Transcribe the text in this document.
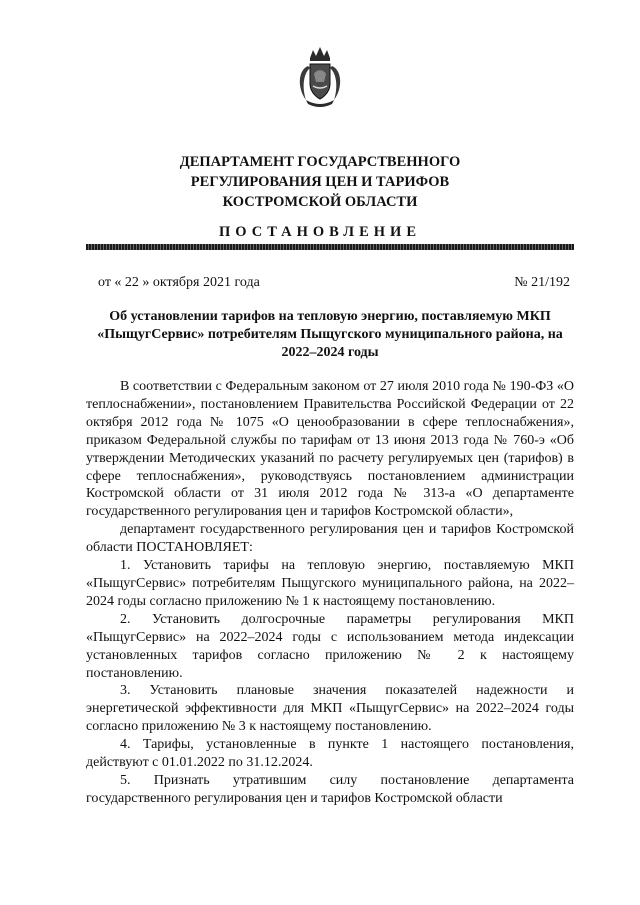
ДЕПАРТАМЕНТ ГОСУДАРСТВЕННОГО
РЕГУЛИРОВАНИЯ ЦЕН И ТАРИФОВ
КОСТРОМСКОЙ ОБЛАСТИ
ПОСТАНОВЛЕНИЕ
от « 22 » октября 2021 года	№ 21/192
Об установлении тарифов на тепловую энергию, поставляемую МКП «ПыщугСервис» потребителям Пыщугского муниципального района, на 2022–2024 годы

В соответствии с Федеральным законом от 27 июля 2010 года № 190-ФЗ «О теплоснабжении», постановлением Правительства Российской Федерации от 22 октября 2012 года № 1075 «О ценообразовании в сфере теплоснабжения», приказом Федеральной службы по тарифам от 13 июня 2013 года № 760-э «Об утверждении Методических указаний по расчету регулируемых цен (тарифов) в сфере теплоснабжения», руководствуясь постановлением администрации Костромской области от 31 июля 2012 года № 313-а «О департаменте государственного регулирования цен и тарифов Костромской области»,

департамент государственного регулирования цен и тарифов Костромской области ПОСТАНОВЛЯЕТ:

1. Установить тарифы на тепловую энергию, поставляемую МКП «ПыщугСервис» потребителям Пыщугского муниципального района, на 2022–2024 годы согласно приложению № 1 к настоящему постановлению.

2. Установить долгосрочные параметры регулирования МКП «ПыщугСервис» на 2022–2024 годы с использованием метода индексации установленных тарифов согласно приложению № 2 к настоящему постановлению.

3. Установить плановые значения показателей надежности и энергетической эффективности для МКП «ПыщугСервис» на 2022–2024 годы согласно приложению № 3 к настоящему постановлению.

4. Тарифы, установленные в пункте 1 настоящего постановления, действуют с 01.01.2022 по 31.12.2024.

5. Признать утратившим силу постановление департамента государственного регулирования цен и тарифов Костромской области
